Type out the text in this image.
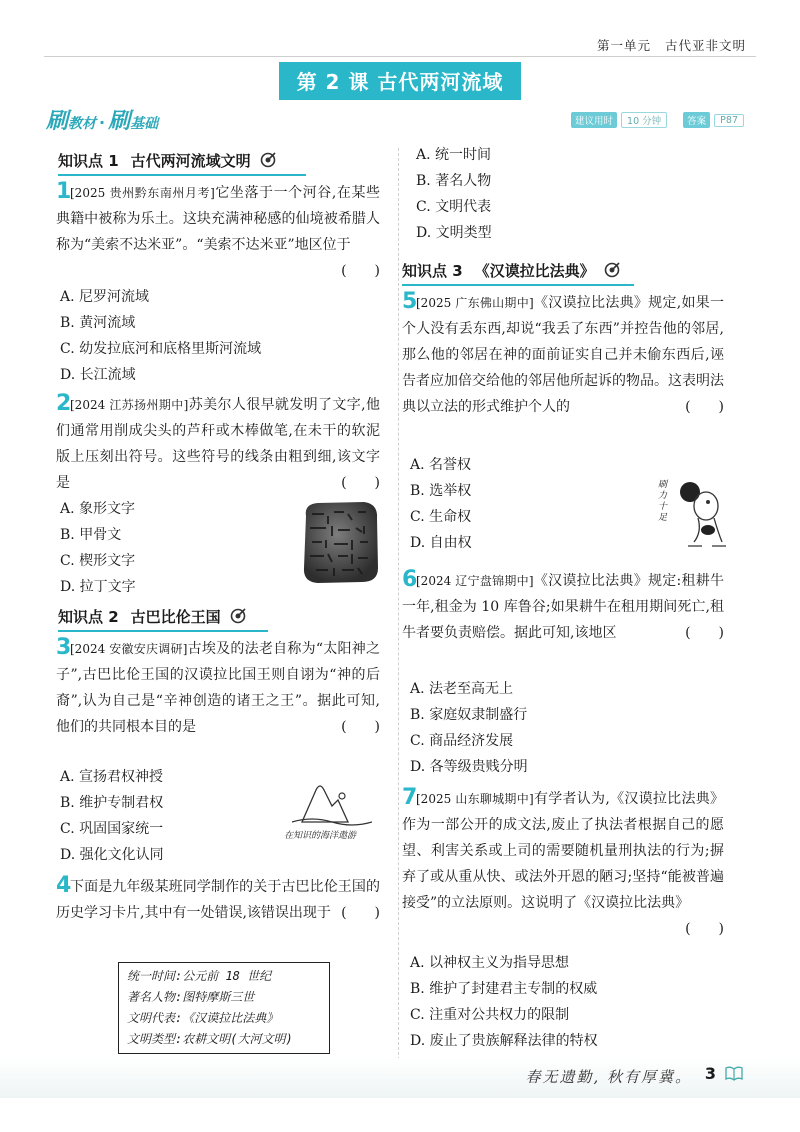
第一单元 古代亚非文明
第 2 课 古代两河流域
刷教材 · 刷基础	建议用时	10 分钟	答案	P87
知识点 1 古代两河流域文明
1
[2025 贵州黔东南州月考]它坐落于一个河谷,在某些典籍中被称为乐土。这块充满神秘感的仙境被希腊人称为“美索不达米亚”。“美索不达米亚”地区位于
(　　)
A. 尼罗河流域
B. 黄河流域
C. 幼发拉底河和底格里斯河流域
D. 长江流域
2
[2024 江苏扬州期中]苏美尔人很早就发明了文字,他们通常用削成尖头的芦秆或木棒做笔,在未干的软泥版上压刻出符号。这些符号的线条由粗到细,该文字是	(　　)
A. 象形文字
B. 甲骨文
C. 楔形文字
D. 拉丁文字
知识点 2 古巴比伦王国
3
[2024 安徽安庆调研]古埃及的法老自称为“太阳神之子”,古巴比伦王国的汉谟拉比国王则自诩为“神的后裔”,认为自己是“辛神创造的诸王之王”。据此可知,他们的共同根本目的是	(　　)
A. 宣扬君权神授
B. 维护专制君权
C. 巩固国家统一
D. 强化文化认同
4
下面是九年级某班同学制作的关于古巴比伦王国的历史学习卡片,其中有一处错误,该错误出现于 (　　)
在知识的海洋遨游
统一时间:公元前 18 世纪
著名人物:图特摩斯三世
文明代表:《汉谟拉比法典》
文明类型:农耕文明(大河文明)
A. 统一时间
B. 著名人物
C. 文明代表
D. 文明类型
知识点 3 《汉谟拉比法典》
5
[2025 广东佛山期中]《汉谟拉比法典》规定,如果一个人没有丢东西,却说“我丢了东西”并控告他的邻居,那么他的邻居在神的面前证实自己并未偷东西后,诬告者应加倍交给他的邻居他所起诉的物品。这表明法典以立法的形式维护个人的	(　　)
A. 名誉权
B. 选举权
C. 生命权
D. 自由权
6
[2024 辽宁盘锦期中]《汉谟拉比法典》规定:租耕牛一年,租金为 10 库鲁谷;如果耕牛在租用期间死亡,租牛者要负责赔偿。据此可知,该地区	(　　)
A. 法老至高无上
B. 家庭奴隶制盛行
C. 商品经济发展
D. 各等级贵贱分明
7
[2025 山东聊城期中]有学者认为,《汉谟拉比法典》作为一部公开的成文法,废止了执法者根据自己的愿望、利害关系或上司的需要随机量刑执法的行为;摒弃了或从重从快、或法外开恩的陋习;坚持“能被普遍接受”的立法原则。这说明了《汉谟拉比法典》
(　　)
A. 以神权主义为指导思想
B. 维护了封建君主专制的权威
C. 注重对公共权力的限制
D. 废止了贵族解释法律的特权
刷力十足
春无遗勤, 秋有厚冀。 3
